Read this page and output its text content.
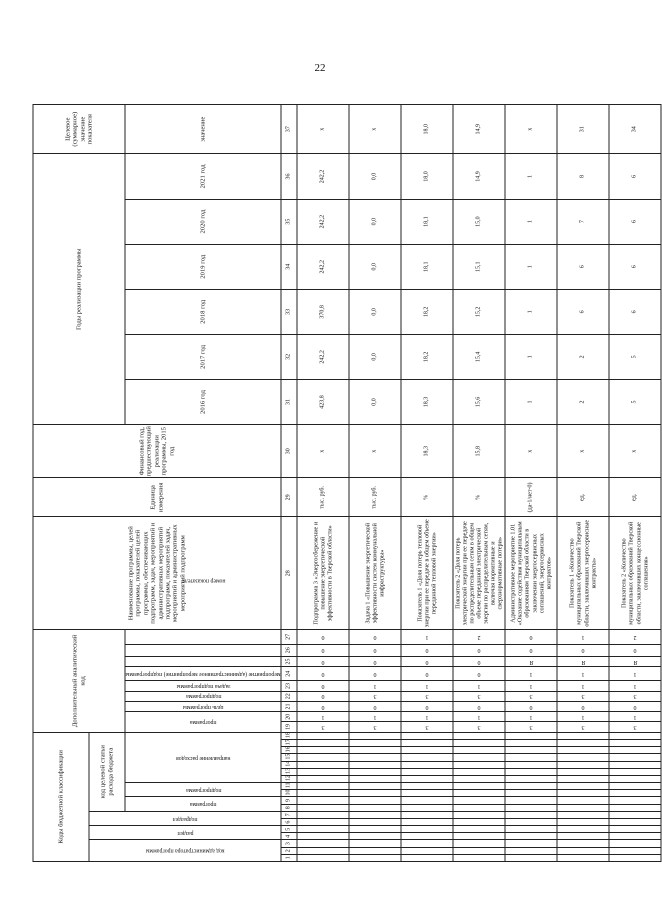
22
Коды бюджетной классификации																		Дополнительный аналитический код									Наименование программы, целей программы, показателей целей программы, обеспечивающих подпрограмм, задач, мероприятий и административных мероприятий подпрограмм, показателей задач, мероприятий и административных мероприятий подпрограмм	Единица измерения	Финансовый год, предшествующий реализации программы, 2015 год	Годы реализации программы						Целевое (суммарное) значение показателя
код администратора программы			раздел		подраздел		код целевой статьи расхода бюджета																													
							программа		подпрограмма		направление расходов							программа		цель программы	подпрограмма	задача подпрограммы	мероприятие (административное мероприятие) подпрограммы			номер показателя				2016 год	2017 год	2018 год	2019 год	2020 год	2021 год	значение

1	2	3	4	5	6	7	8	9	10	11	12	13	14	15	16	17	18	19	20	21	22	23	24	25	26	27	28	29	30	31	32	33	34	35	36	37
																		3	1	0	0	0	0	0	0	0	Подпрограмма 3 «Энергосбережение и повышение энергетической эффективности в Тверской области»	тыс. руб.	x	423,8	242,2	370,8	242,2	242,2	242,2	x
																		3	1	0	3	1	0	0	0	0	Задача 1 «Повышение энергетической эффективности систем коммунальной инфраструктуры»	тыс. руб.	x	0,0	0,0	0,0	0,0	0,0	0,0	x
																		3	1	0	3	1	0	0	0	1	Показатель 1 «Доля потерь тепловой энергии при ее передаче в общем объеме переданной тепловой энергии»	%	18,3	18,3	18,2	18,2	18,1	18,1	18,0	18,0
																		3	1	0	3	1	0	0	0	2	Показатель 2 «Доля потерь электрической энергии при ее передаче по распределительным сетям в общем объеме переданной электрической энергии по распределительным сетям, включая нормативные и сверхнормативные потери»	%	15,8	15,6	15,4	15,2	15,1	15,0	14,9	14,9
																		3	1	0	3	1	1	Я	0	0	Административное мероприятие 1.01 «Оказание содействия муниципальным образованиям Тверской области в заключении энергосервисных соглашений, энергосервисных контрактов»	(да-1/нет-0)	x	1	1	1	1	1	1	x
																		3	1	0	3	1	1	Я	0	1	Показатель 1 «Количество муниципальных образований Тверской области, заключивших энергосервисные контракты»	ед.	x	2	2	6	6	7	8	31
																		3	1	0	3	1	1	Я	0	2	Показатель 2 «Количество муниципальных образований Тверской области, заключивших концессионные соглашения»	ед.	x	5	5	6	6	6	6	34
